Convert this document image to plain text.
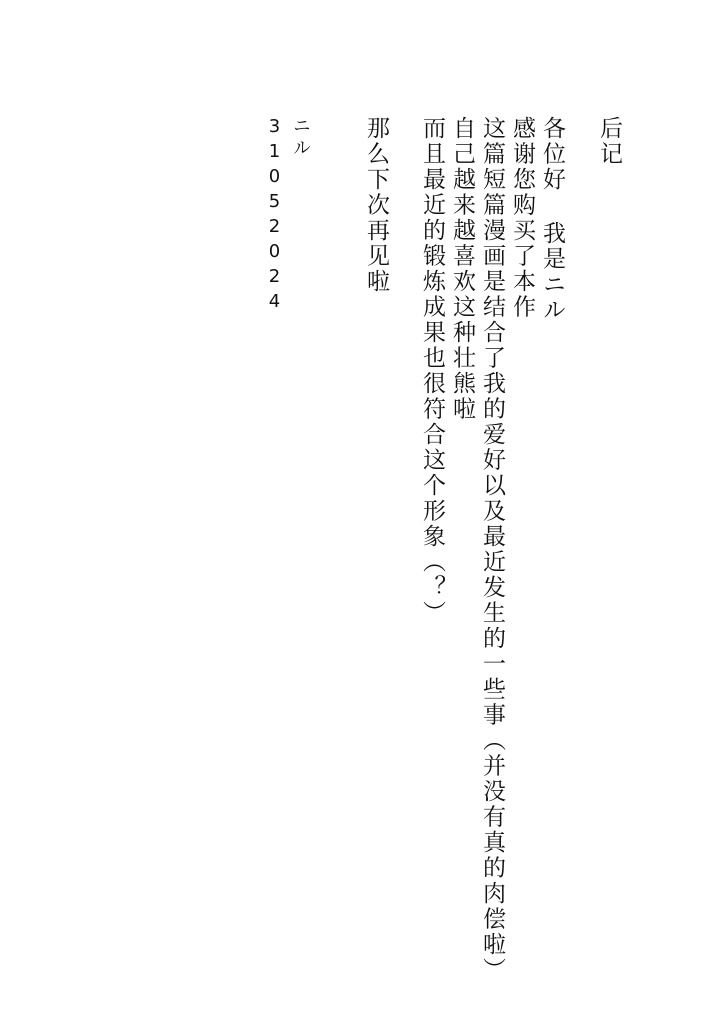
后记
各位好 我是ニル
感谢您购买了本作
这篇短篇漫画是结合了我的爱好以及最近发生的一些事（并没有真的肉偿啦）
自己越来越喜欢这种壮熊啦
而且最近的锻炼成果也很符合这个形象（？）
那么下次再见啦
ニル
31052024
